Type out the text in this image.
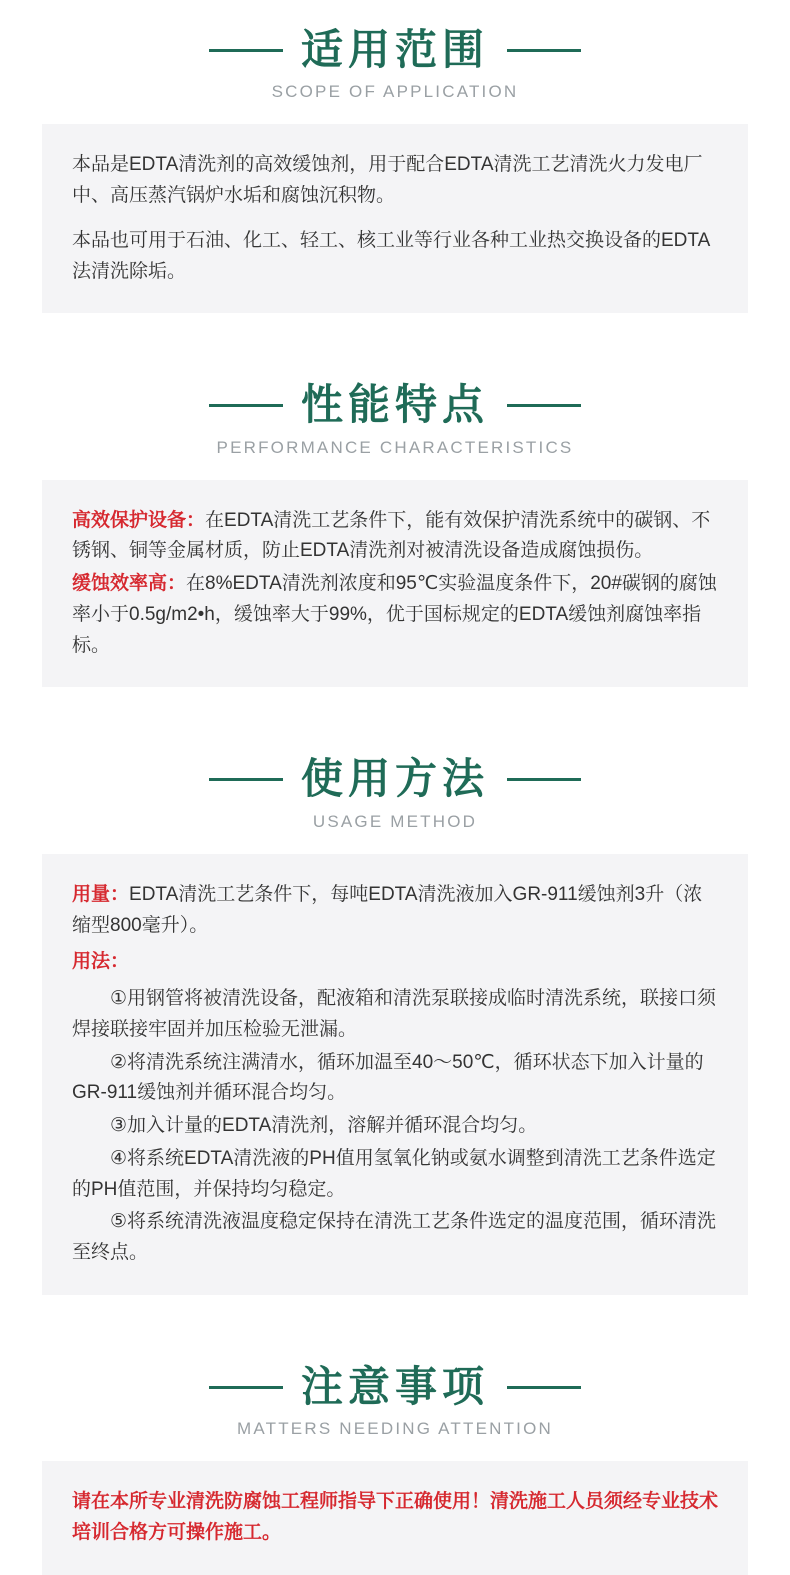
适用范围
SCOPE OF APPLICATION

本品是EDTA清洗剂的高效缓蚀剂，用于配合EDTA清洗工艺清洗火力发电厂中、高压蒸汽锅炉水垢和腐蚀沉积物。

本品也可用于石油、化工、轻工、核工业等行业各种工业热交换设备的EDTA法清洗除垢。

性能特点
PERFORMANCE CHARACTERISTICS

高效保护设备：在EDTA清洗工艺条件下，能有效保护清洗系统中的碳钢、不锈钢、铜等金属材质，防止EDTA清洗剂对被清洗设备造成腐蚀损伤。

缓蚀效率高：在8%EDTA清洗剂浓度和95℃实验温度条件下，20#碳钢的腐蚀率小于0.5g/m2•h，缓蚀率大于99%，优于国标规定的EDTA缓蚀剂腐蚀率指标。

使用方法
USAGE METHOD

用量：EDTA清洗工艺条件下，每吨EDTA清洗液加入GR-911缓蚀剂3升（浓缩型800毫升）。

用法：

①用钢管将被清洗设备，配液箱和清洗泵联接成临时清洗系统，联接口须焊接联接牢固并加压检验无泄漏。

②将清洗系统注满清水，循环加温至40～50℃，循环状态下加入计量的GR-911缓蚀剂并循环混合均匀。

③加入计量的EDTA清洗剂，溶解并循环混合均匀。

④将系统EDTA清洗液的PH值用氢氧化钠或氨水调整到清洗工艺条件选定的PH值范围，并保持均匀稳定。

⑤将系统清洗液温度稳定保持在清洗工艺条件选定的温度范围，循环清洗至终点。

注意事项
MATTERS NEEDING ATTENTION

请在本所专业清洗防腐蚀工程师指导下正确使用！清洗施工人员须经专业技术培训合格方可操作施工。
